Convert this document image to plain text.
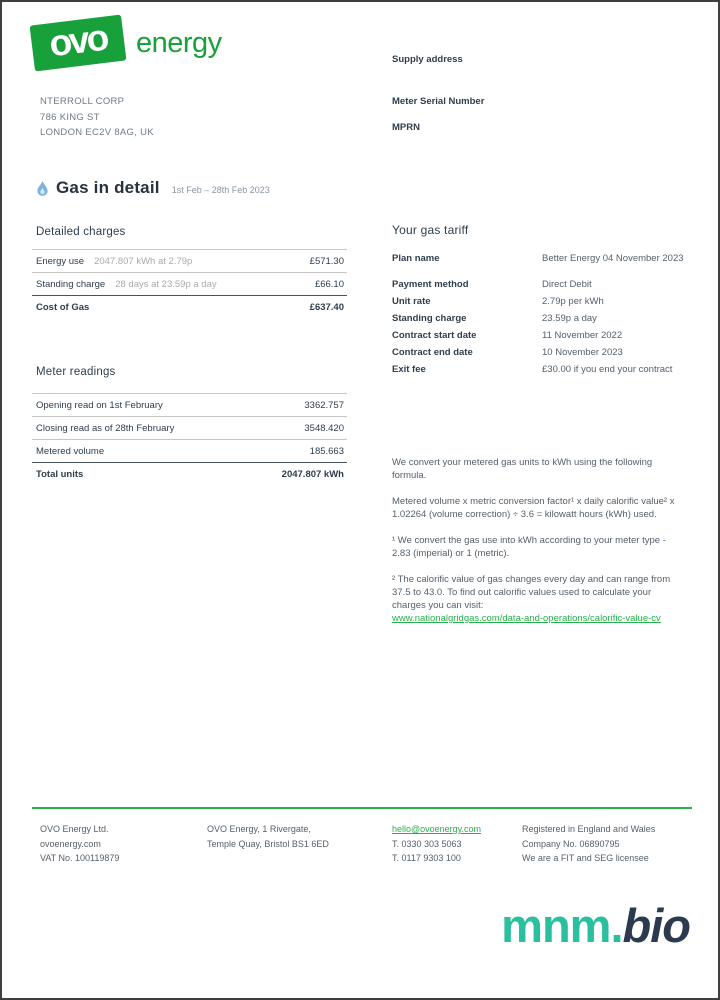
ovo energy
NTERROLL CORP
786 KING ST
LONDON EC2V 8AG, UK
Supply address
Meter Serial Number
MPRN
Gas in detail 1st Feb – 28th Feb 2023
Detailed charges
Energy use 2047.807 kWh at 2.79p	£571.30
Standing charge 28 days at 23.59p a day	£66.10
Cost of Gas	£637.40
Meter readings
Opening read on 1st February	3362.757
Closing read as of 28th February	3548.420
Metered volume	185.663
Total units	2047.807 kWh
Your gas tariff
Plan name	Better Energy 04 November 2023
Payment method	Direct Debit
Unit rate	2.79p per kWh
Standing charge	23.59p a day
Contract start date	11 November 2022
Contract end date	10 November 2023
Exit fee	£30.00 if you end your contract

We convert your metered gas units to kWh using the following formula.

Metered volume x metric conversion factor¹ x daily calorific value² x 1.02264 (volume correction) ÷ 3.6 = kilowatt hours (kWh) used.

¹ We convert the gas use into kWh according to your meter type - 2.83 (imperial) or 1 (metric).

² The calorific value of gas changes every day and can range from 37.5 to 43.0. To find out calorific values used to calculate your charges you can visit:
www.nationalgridgas.com/data-and-operations/calorific-value-cv

OVO Energy Ltd.
ovoenergy.com
VAT No. 100119879
OVO Energy, 1 Rivergate,
Temple Quay, Bristol BS1 6ED
hello@ovoenergy.com
T. 0330 303 5063
T. 0117 9303 100
Registered in England and Wales
Company No. 06890795
We are a FIT and SEG licensee
mnm.bio
